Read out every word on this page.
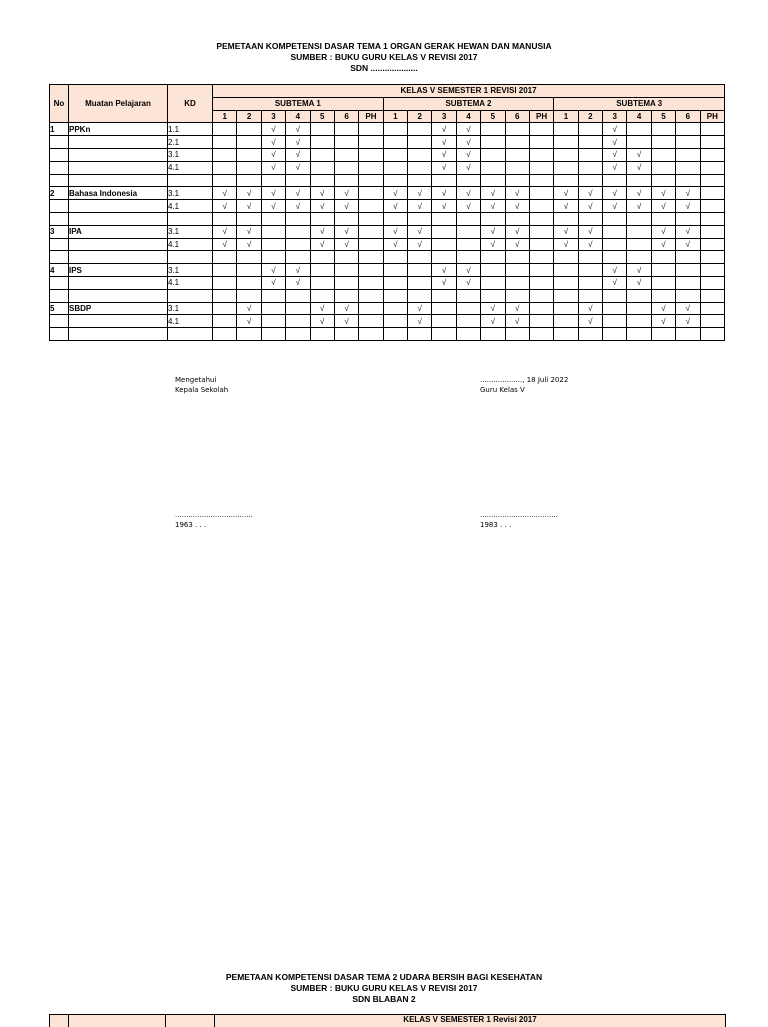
PEMETAAN KOMPETENSI DASAR TEMA 1 ORGAN GERAK HEWAN DAN MANUSIA
SUMBER : BUKU GURU KELAS V REVISI 2017
SDN ....................
No	Muatan Pelajaran	KD	KELAS V SEMESTER 1 REVISI 2017																				
			SUBTEMA 1							SUBTEMA 2							SUBTEMA 3						
			1	2	3	4	5	6	PH	1	2	3	4	5	6	PH	1	2	3	4	5	6	PH
1	PPKn	1.1			√	√						√	√						√				
		2.1			√	√						√	√						√				
		3.1			√	√						√	√						√	√			
		4.1			√	√						√	√						√	√			

2	Bahasa Indonesia	3.1	√	√	√	√	√	√		√	√	√	√	√	√		√	√	√	√	√	√	
		4.1	√	√	√	√	√	√		√	√	√	√	√	√		√	√	√	√	√	√	

3	IPA	3.1	√	√			√	√		√	√			√	√		√	√			√	√	
		4.1	√	√			√	√		√	√			√	√		√	√			√	√	

4	IPS	3.1			√	√						√	√						√	√			
		4.1			√	√						√	√						√	√			

5	SBDP	3.1		√			√	√			√			√	√			√			√	√	
		4.1		√			√	√			√			√	√			√			√	√	

Mengetahui
Kepala Sekolah
..................., 18 Juli 2022
Guru Kelas V
...................................
1963 . . .
...................................
1983 . . .
PEMETAAN KOMPETENSI DASAR TEMA 2 UDARA BERSIH BAGI KESEHATAN
SUMBER : BUKU GURU KELAS V REVISI 2017
SDN BLABAN 2
KELAS V SEMESTER 1 Revisi 2017
